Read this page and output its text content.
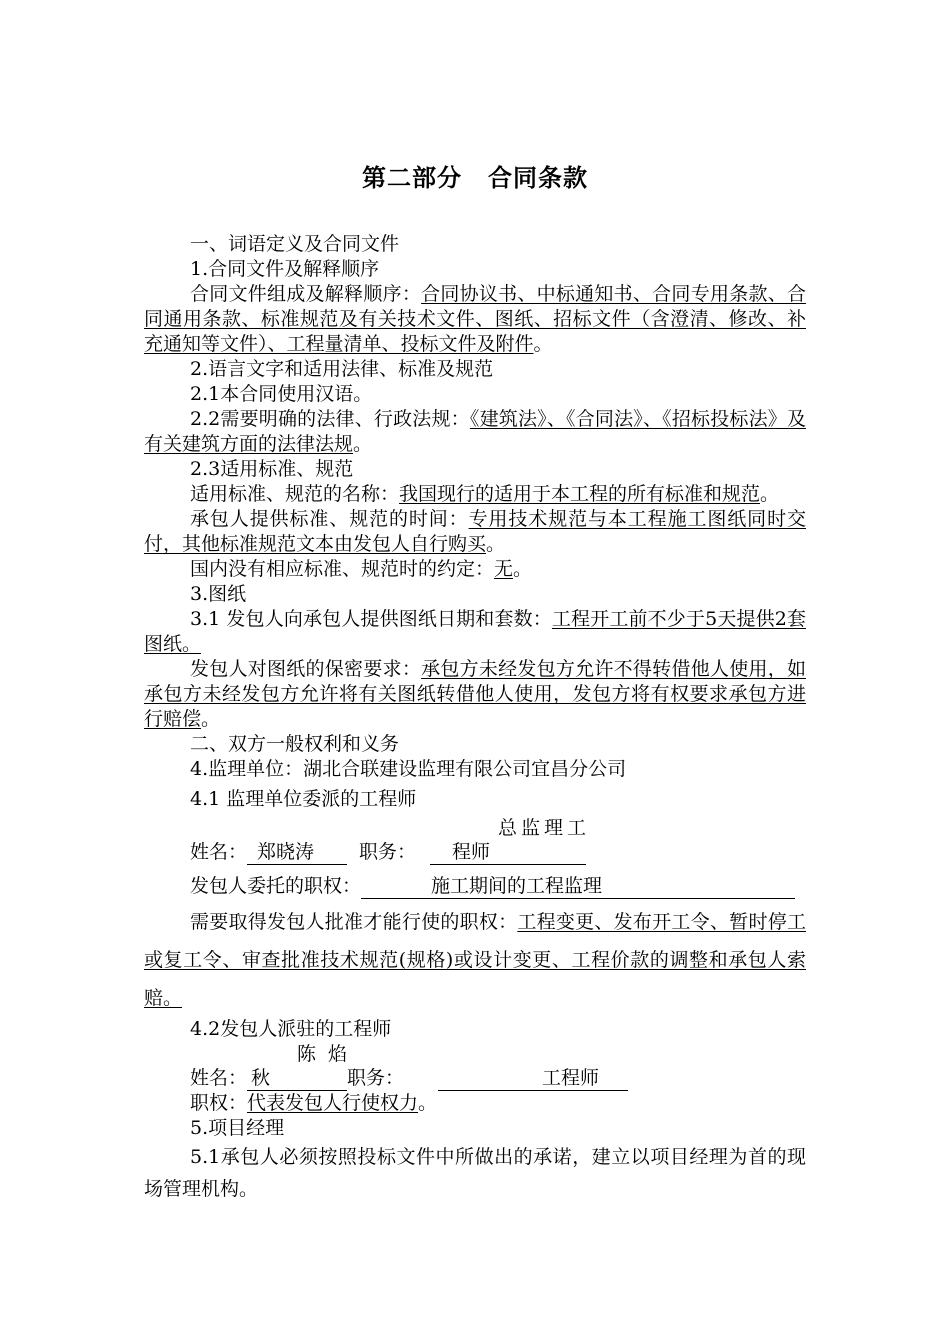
第二部分 合同条款

一、词语定义及合同文件

1.合同文件及解释顺序

合同文件组成及解释顺序：合同协议书、中标通知书、合同专用条款、合同通用条款、标准规范及有关技术文件、图纸、招标文件（含澄清、修改、补充通知等文件）、工程量清单、投标文件及附件。

2.语言文字和适用法律、标准及规范

2.1本合同使用汉语。

2.2需要明确的法律、行政法规：《建筑法》、《合同法》、《招标投标法》及有关建筑方面的法律法规。

2.3适用标准、规范

适用标准、规范的名称：我国现行的适用于本工程的所有标准和规范。

承包人提供标准、规范的时间：专用技术规范与本工程施工图纸同时交付，其他标准规范文本由发包人自行购买。

国内没有相应标准、规范时的约定：无。

3.图纸

3.1 发包人向承包人提供图纸日期和套数：工程开工前不少于5天提供2套图纸。

发包人对图纸的保密要求：承包方未经发包方允许不得转借他人使用，如承包方未经发包方允许将有关图纸转借他人使用，发包方将有权要求承包方进行赔偿。

二、双方一般权利和义务

4.监理单位：湖北合联建设监理有限公司宜昌分公司

4.1 监理单位委派的工程师

姓名： 郑晓涛 职务：总监理工程师

发包人委托的职权：	施工期间的工程监理

需要取得发包人批准才能行使的职权：工程变更、发布开工令、暂时停工或复工令、审查批准技术规范(规格)或设计变更、工程价款的调整和承包人索赔。

4.2发包人派驻的工程师

姓名：陈焰秋	职务：	工程师

职权：代表发包人行使权力。

5.项目经理

5.1承包人必须按照投标文件中所做出的承诺，建立以项目经理为首的现场管理机构。
